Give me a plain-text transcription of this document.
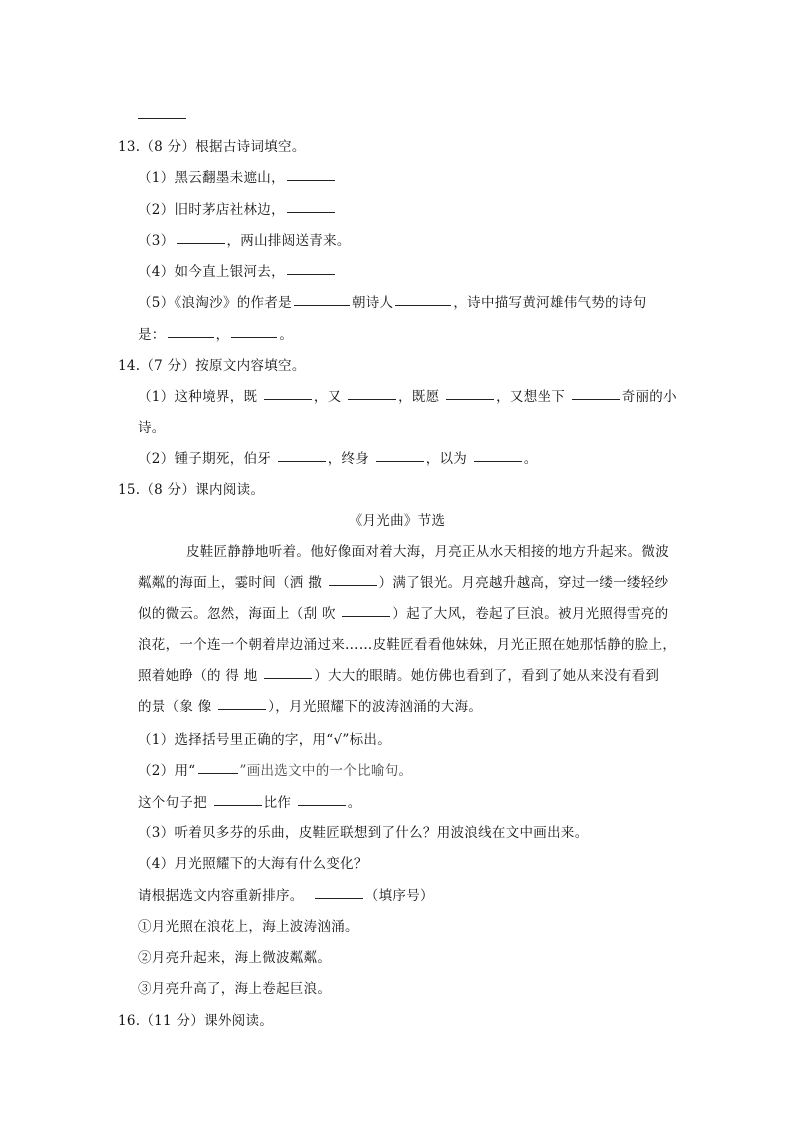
13.（8 分）根据古诗词填空。
（1）黑云翻墨未遮山，
（2）旧时茅店社林边，
（3）	，两山排闼送青来。
（4）如今直上银河去，
（5）《浪淘沙》的作者是	朝诗人	，诗中描写黄河雄伟气势的诗句
是：	，	。
14.（7 分）按原文内容填空。
（1）这种境界，既	，又	，既愿	，又想坐下	奇丽的小
诗。
（2）锺子期死，伯牙	，终身	，以为	。
15.（8 分）课内阅读。
《月光曲》节选
皮鞋匠静静地听着。他好像面对着大海，月亮正从水天相接的地方升起来。微波
粼粼的海面上，霎时间（洒 撒	）满了银光。月亮越升越高，穿过一缕一缕轻纱
似的微云。忽然，海面上（刮 吹	）起了大风，卷起了巨浪。被月光照得雪亮的
浪花，一个连一个朝着岸边涌过来……皮鞋匠看看他妹妹，月光正照在她那恬静的脸上，
照着她睁（的 得 地	）大大的眼睛。她仿佛也看到了，看到了她从来没有看到
的景（象 像	），月光照耀下的波涛汹涌的大海。
（1）选择括号里正确的字，用“√”标出。
（2）用“	”画出选文中的一个比喻句。
这个句子把	比作	。
（3）听着贝多芬的乐曲，皮鞋匠联想到了什么？用波浪线在文中画出来。
（4）月光照耀下的大海有什么变化？
请根据选文内容重新排序。	（填序号）
①月光照在浪花上，海上波涛汹涌。
②月亮升起来，海上微波粼粼。
③月亮升高了，海上卷起巨浪。
16.（11 分）课外阅读。
